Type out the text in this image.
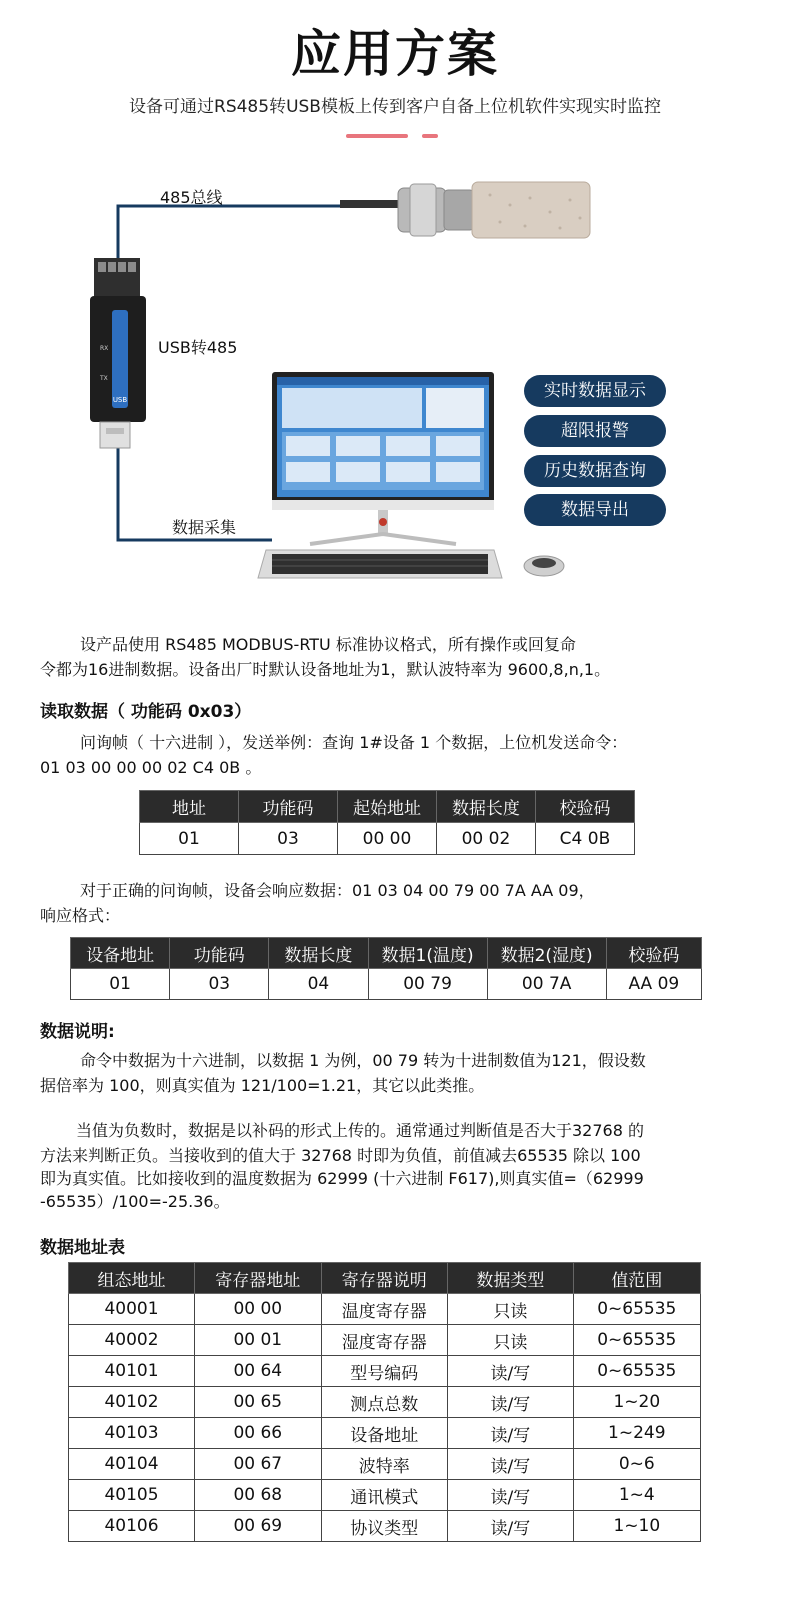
应用方案
设备可通过RS485转USB模板上传到客户自备上位机软件实现实时监控
232/485
USB
RX
TX
485总线
USB转485
数据采集
实时数据显示
超限报警
历史数据查询
数据导出
设产品使用 RS485 MODBUS-RTU 标准协议格式，所有操作或回复命
令都为16进制数据。设备出厂时默认设备地址为1，默认波特率为 9600,8,n,1。
读取数据（ 功能码 0x03）
问询帧（ 十六进制 ），发送举例：查询 1#设备 1 个数据，上位机发送命令：
01 03 00 00 00 02 C4 0B 。
地址	功能码	起始地址	数据长度	校验码
01	03	00 00	00 02	C4 0B
对于正确的问询帧，设备会响应数据：01 03 04 00 79 00 7A AA 09，
响应格式：
设备地址	功能码	数据长度	数据1(温度)	数据2(湿度)	校验码
01	03	04	00 79	00 7A	AA 09
数据说明:
命令中数据为十六进制，以数据 1 为例，00 79 转为十进制数值为121，假设数
据倍率为 100，则真实值为 121/100=1.21，其它以此类推。
当值为负数时，数据是以补码的形式上传的。通常通过判断值是否大于32768 的
方法来判断正负。当接收到的值大于 32768 时即为负值，前值减去65535 除以 100
即为真实值。比如接收到的温度数据为 62999 (十六进制 F617),则真实值=（62999
-65535）/100=-25.36。
数据地址表
组态地址	寄存器地址	寄存器说明	数据类型	值范围
40001	00 00	温度寄存器	只读	0~65535
40002	00 01	湿度寄存器	只读	0~65535
40101	00 64	型号编码	读/写	0~65535
40102	00 65	测点总数	读/写	1~20
40103	00 66	设备地址	读/写	1~249
40104	00 67	波特率	读/写	0~6
40105	00 68	通讯模式	读/写	1~4
40106	00 69	协议类型	读/写	1~10
